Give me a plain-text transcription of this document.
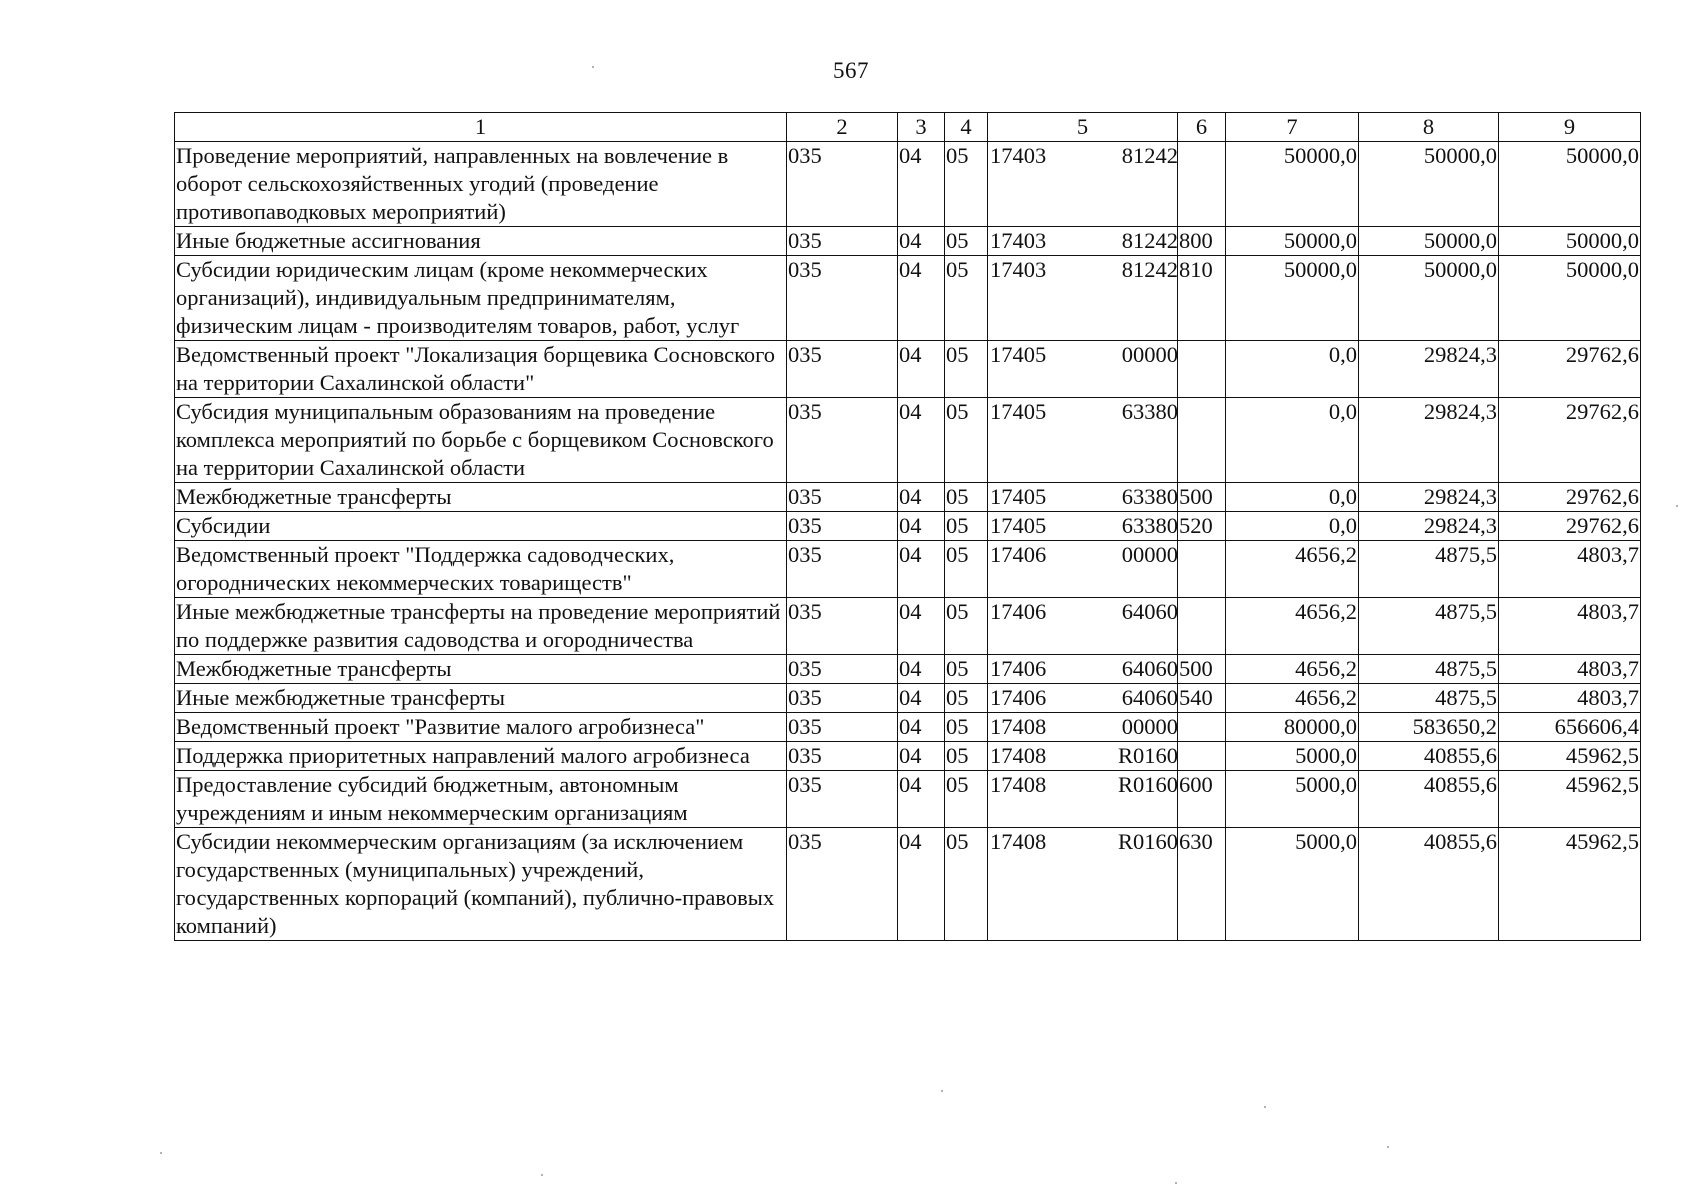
567
1	2	3	4	5	6	7	8	9
Проведение мероприятий, направленных на вовлечение в оборот сельскохозяйственных угодий (проведение противопаводковых мероприятий)	035	04	05	17403 81242		50000,0	50000,0	50000,0
Иные бюджетные ассигнования	035	04	05	17403 81242	800	50000,0	50000,0	50000,0
Субсидии юридическим лицам (кроме некоммерческих организаций), индивидуальным предпринимателям, физическим лицам - производителям товаров, работ, услуг	035	04	05	17403 81242	810	50000,0	50000,0	50000,0
Ведомственный проект "Локализация борщевика Сосновского на территории Сахалинской области"	035	04	05	17405 00000		0,0	29824,3	29762,6
Субсидия муниципальным образованиям на проведение комплекса мероприятий по борьбе с борщевиком Сосновского на территории Сахалинской области	035	04	05	17405 63380		0,0	29824,3	29762,6
Межбюджетные трансферты	035	04	05	17405 63380	500	0,0	29824,3	29762,6
Субсидии	035	04	05	17405 63380	520	0,0	29824,3	29762,6
Ведомственный проект "Поддержка садоводческих, огороднических некоммерческих товариществ"	035	04	05	17406 00000		4656,2	4875,5	4803,7
Иные межбюджетные трансферты на проведение мероприятий по поддержке развития садоводства и огородничества	035	04	05	17406 64060		4656,2	4875,5	4803,7
Межбюджетные трансферты	035	04	05	17406 64060	500	4656,2	4875,5	4803,7
Иные межбюджетные трансферты	035	04	05	17406 64060	540	4656,2	4875,5	4803,7
Ведомственный проект "Развитие малого агробизнеса"	035	04	05	17408 00000		80000,0	583650,2	656606,4
Поддержка приоритетных направлений малого агробизнеса	035	04	05	17408 R0160		5000,0	40855,6	45962,5
Предоставление субсидий бюджетным, автономным учреждениям и иным некоммерческим организациям	035	04	05	17408 R0160	600	5000,0	40855,6	45962,5
Субсидии некоммерческим организациям (за исключением государственных (муниципальных) учреждений, государственных корпораций (компаний), публично-правовых компаний)	035	04	05	17408 R0160	630	5000,0	40855,6	45962,5
